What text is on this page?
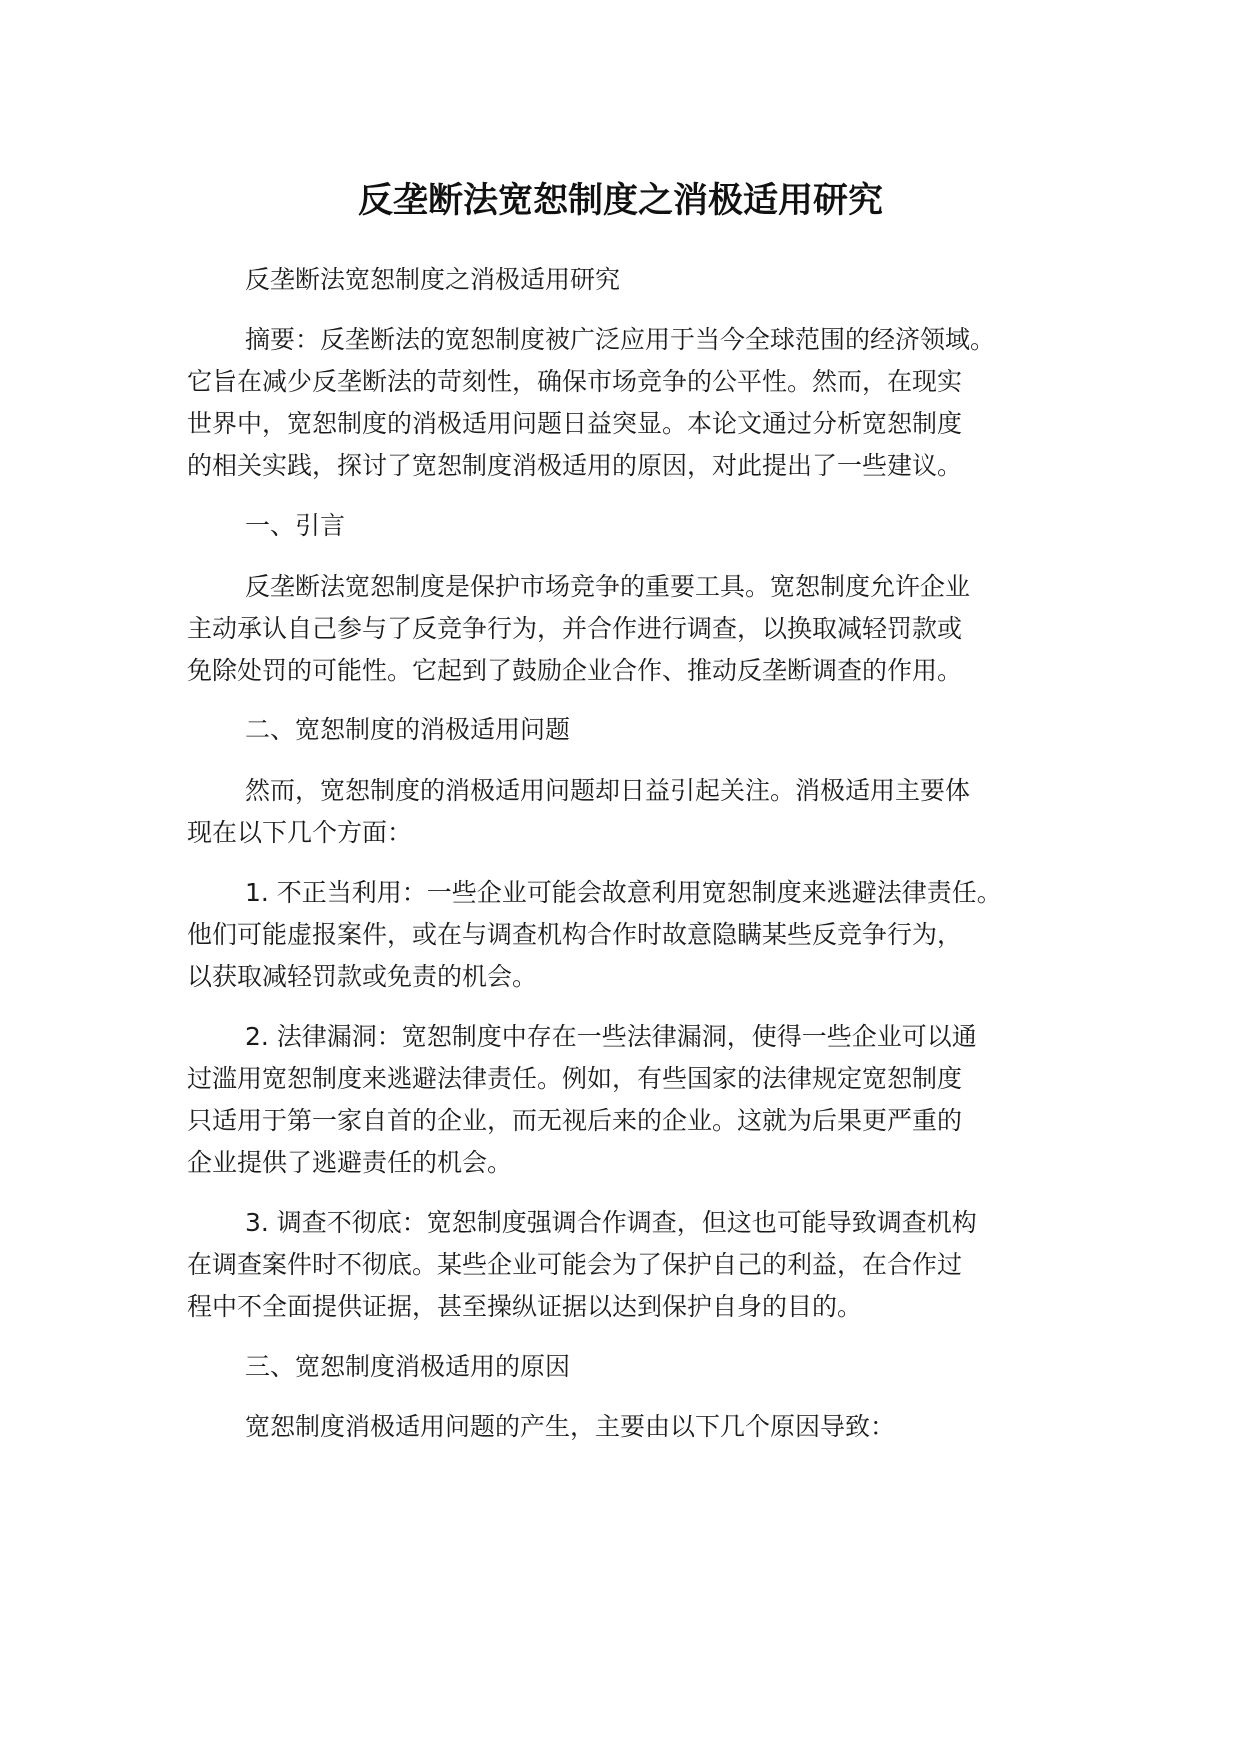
反垄断法宽恕制度之消极适用研究

反垄断法宽恕制度之消极适用研究

摘要：反垄断法的宽恕制度被广泛应用于当今全球范围的经济领域。

它旨在减少反垄断法的苛刻性，确保市场竞争的公平性。然而，在现实

世界中，宽恕制度的消极适用问题日益突显。本论文通过分析宽恕制度

的相关实践，探讨了宽恕制度消极适用的原因，对此提出了一些建议。

一、引言

反垄断法宽恕制度是保护市场竞争的重要工具。宽恕制度允许企业

主动承认自己参与了反竞争行为，并合作进行调查，以换取减轻罚款或

免除处罚的可能性。它起到了鼓励企业合作、推动反垄断调查的作用。

二、宽恕制度的消极适用问题

然而，宽恕制度的消极适用问题却日益引起关注。消极适用主要体

现在以下几个方面：

1. 不正当利用：一些企业可能会故意利用宽恕制度来逃避法律责任。

他们可能虚报案件，或在与调查机构合作时故意隐瞒某些反竞争行为，

以获取减轻罚款或免责的机会。

2. 法律漏洞：宽恕制度中存在一些法律漏洞，使得一些企业可以通

过滥用宽恕制度来逃避法律责任。例如，有些国家的法律规定宽恕制度

只适用于第一家自首的企业，而无视后来的企业。这就为后果更严重的

企业提供了逃避责任的机会。

3. 调查不彻底：宽恕制度强调合作调查，但这也可能导致调查机构

在调查案件时不彻底。某些企业可能会为了保护自己的利益，在合作过

程中不全面提供证据，甚至操纵证据以达到保护自身的目的。

三、宽恕制度消极适用的原因

宽恕制度消极适用问题的产生，主要由以下几个原因导致：
